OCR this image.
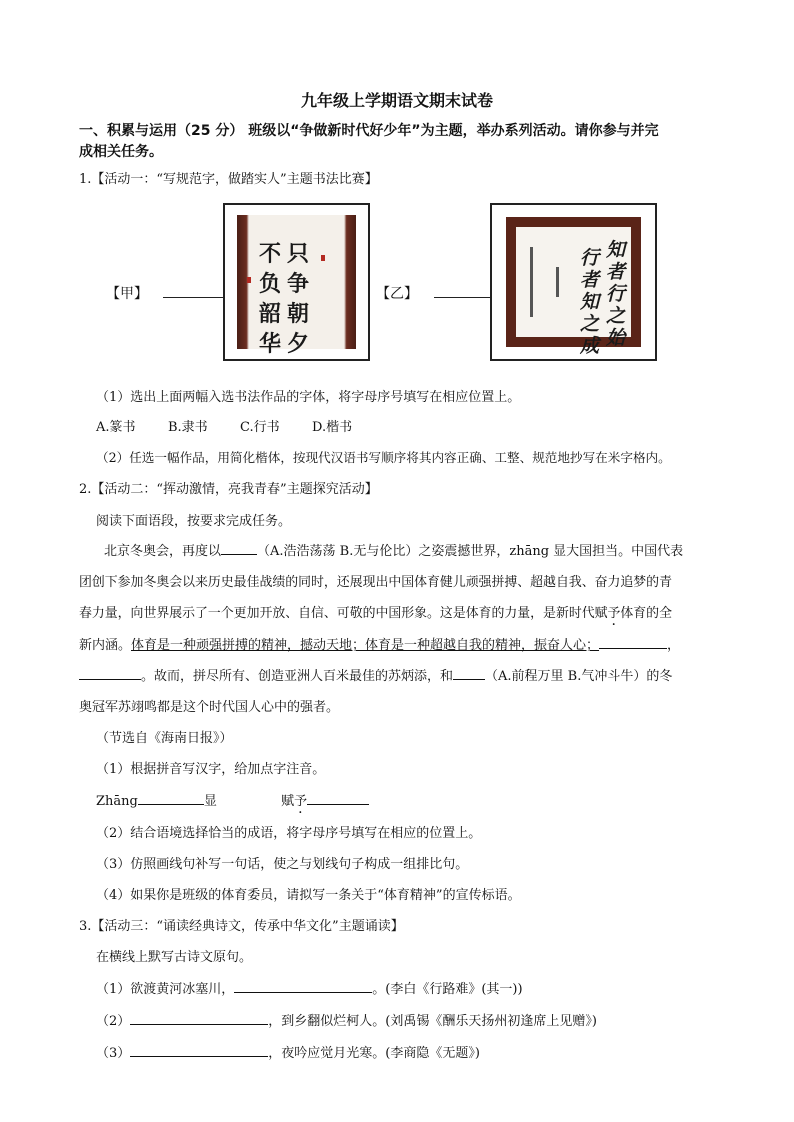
九年级上学期语文期末试卷
一、积累与运用（25 分） 班级以“争做新时代好少年”为主题，举办系列活动。请你参与并完
成相关任务。
1.【活动一：“写规范字，做踏实人”主题书法比赛】
【甲】
只
争
朝
夕
不
负
韶
华
【乙】
知
者
行
之
始
行
者
知
之
成
（1）选出上面两幅入选书法作品的字体，将字母序号填写在相应位置上。
A.篆书 B.隶书 C.行书 D.楷书
（2）任选一幅作品，用简化楷体，按现代汉语书写顺序将其内容正确、工整、规范地抄写在米字格内。
2.【活动二：“挥动激情，亮我青春”主题探究活动】
阅读下面语段，按要求完成任务。
北京冬奥会，再度以	（A.浩浩荡荡 B.无与伦比）之姿震撼世界，zhāng 显大国担当。中国代表
团创下参加冬奥会以来历史最佳战绩的同时，还展现出中国体育健儿顽强拼搏、超越自我、奋力追梦的青
春力量，向世界展示了一个更加开放、自信、可敬的中国形象。这是体育的力量，是新时代赋予体育的全
新内涵。体育是一种顽强拼搏的精神，撼动天地；体育是一种超越自我的精神，振奋人心；	，
。故而，拼尽所有、创造亚洲人百米最佳的苏炳添，和 （A.前程万里 B.气冲斗牛）的冬
奥冠军苏翊鸣都是这个时代国人心中的强者。
（节选自《海南日报》）
（1）根据拼音写汉字，给加点字注音。
Zhāng	显	赋予
（2）结合语境选择恰当的成语，将字母序号填写在相应的位置上。
（3）仿照画线句补写一句话，使之与划线句子构成一组排比句。
（4）如果你是班级的体育委员，请拟写一条关于“体育精神”的宣传标语。
3.【活动三：“诵读经典诗文，传承中华文化”主题诵读】
在横线上默写古诗文原句。
（1）欲渡黄河冰塞川，	。(李白《行路难》(其一))
（2）	，到乡翻似烂柯人。(刘禹锡《酬乐天扬州初逢席上见赠》)
（3）	，夜吟应觉月光寒。(李商隐《无题》)
